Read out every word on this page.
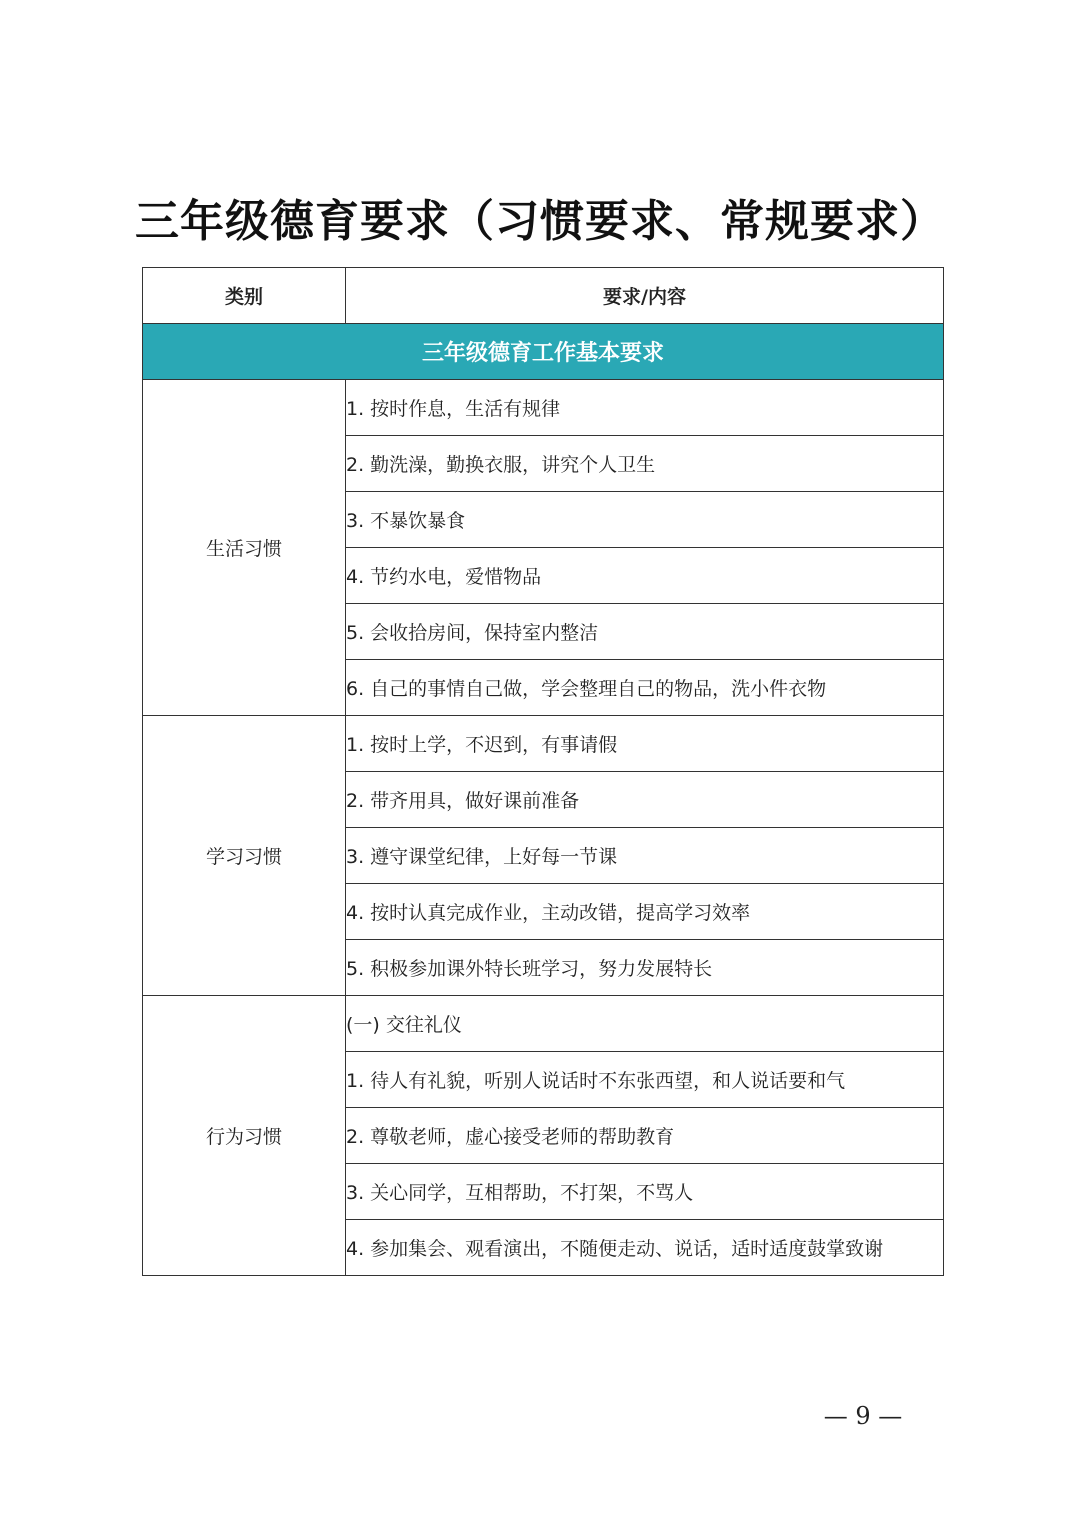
三年级德育要求（习惯要求、常规要求）
类别	要求/内容
三年级德育工作基本要求	
生活习惯	1. 按时作息，生活有规律
	2. 勤洗澡，勤换衣服，讲究个人卫生
	3. 不暴饮暴食
	4. 节约水电，爱惜物品
	5. 会收拾房间，保持室内整洁
	6. 自己的事情自己做，学会整理自己的物品，洗小件衣物
学习习惯	1. 按时上学，不迟到，有事请假
	2. 带齐用具，做好课前准备
	3. 遵守课堂纪律，上好每一节课
	4. 按时认真完成作业，主动改错，提高学习效率
	5. 积极参加课外特长班学习，努力发展特长
行为习惯	(一) 交往礼仪
	1. 待人有礼貌，听别人说话时不东张西望，和人说话要和气
	2. 尊敬老师，虚心接受老师的帮助教育
	3. 关心同学，互相帮助，不打架，不骂人
	4. 参加集会、观看演出，不随便走动、说话，适时适度鼓掌致谢
— 9 —
